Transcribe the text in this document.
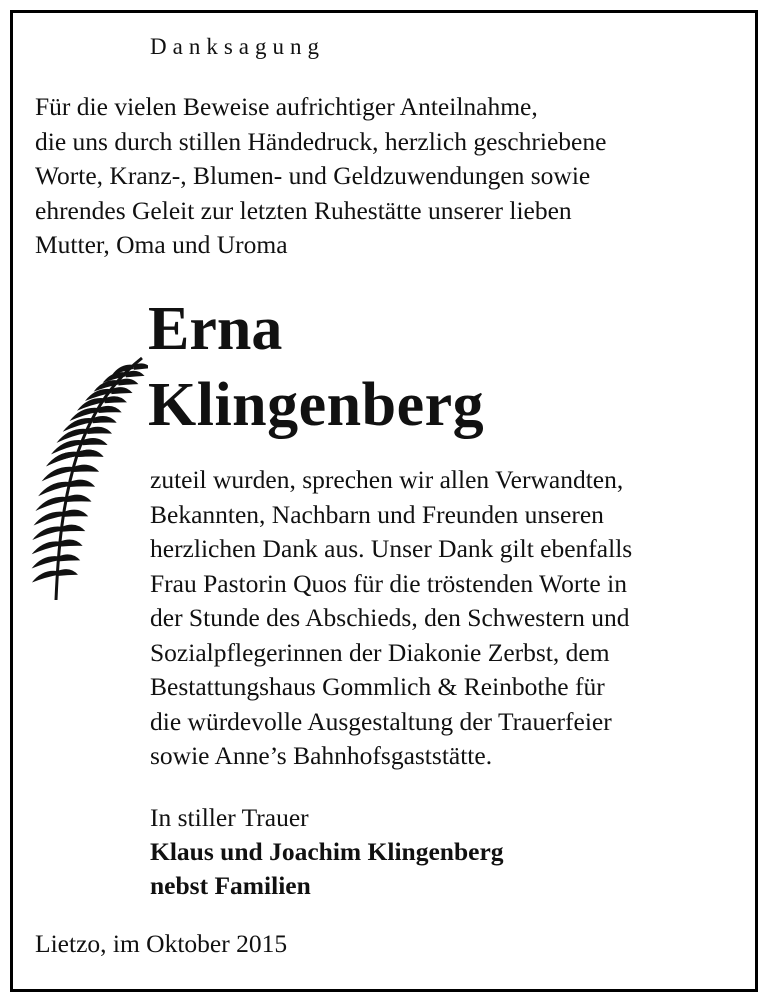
Danksagung
Für die vielen Beweise aufrichtiger Anteilnahme,
die uns durch stillen Händedruck, herzlich geschriebene
Worte, Kranz-, Blumen- und Geldzuwendungen sowie
ehrendes Geleit zur letzten Ruhestätte unserer lieben
Mutter, Oma und Uroma
Erna
Klingenberg
zuteil wurden, sprechen wir allen Verwandten,
Bekannten, Nachbarn und Freunden unseren
herzlichen Dank aus. Unser Dank gilt ebenfalls
Frau Pastorin Quos für die tröstenden Worte in
der Stunde des Abschieds, den Schwestern und
Sozialpflegerinnen der Diakonie Zerbst, dem
Bestattungshaus Gommlich & Reinbothe für
die würdevolle Ausgestaltung der Trauerfeier
sowie Anne’s Bahnhofsgaststätte.
In stiller Trauer
Klaus und Joachim Klingenberg
nebst Familien
Lietzo, im Oktober 2015
